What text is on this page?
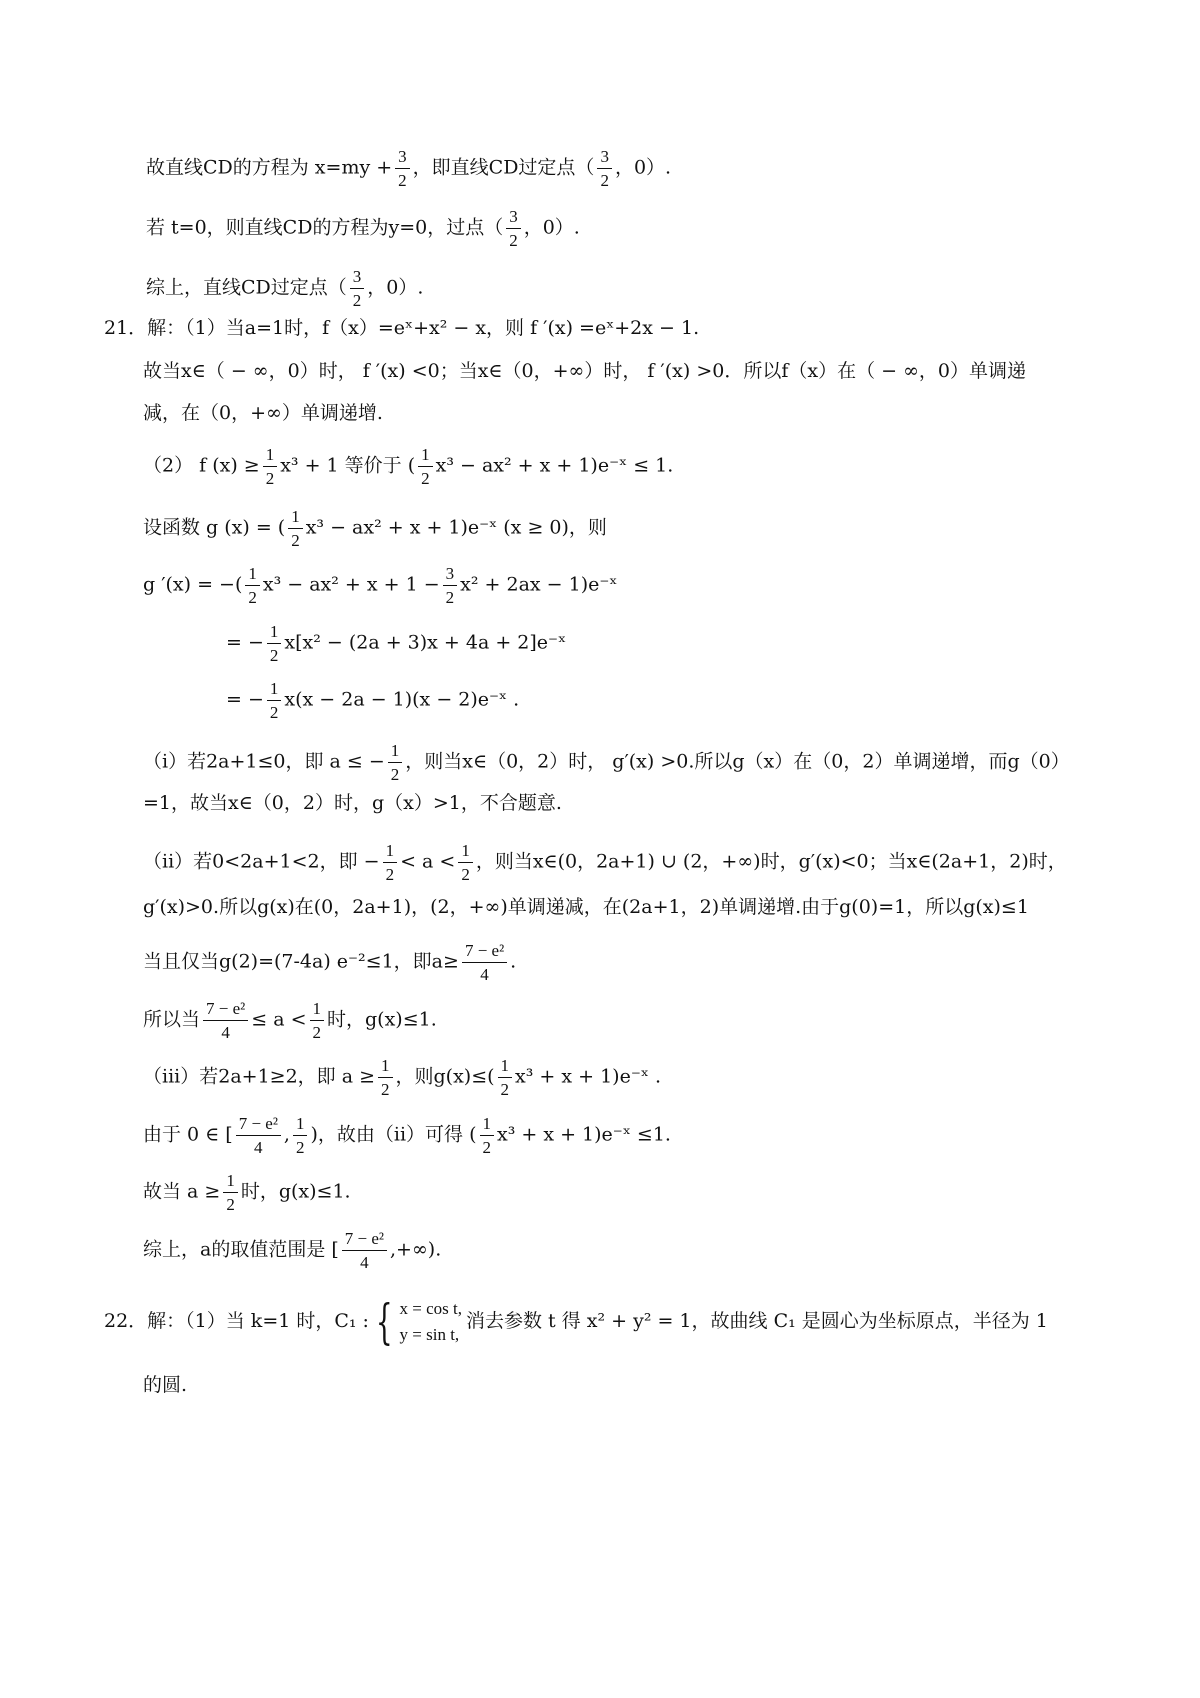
故直线CD的方程为 $x=my + \frac{3}{2}$ ，即直线CD过定点（ $\frac{3}{2}$ ，0）.
若 t=0，则直线CD的方程为y=0，过点（ $\frac{3}{2}$ ，0）.
综上，直线CD过定点（ $\frac{3}{2}$ ，0）.
21．解：（1）当a=1时，f（x）=eˣ+x² − x，则 f ′(x) =eˣ+2x − 1.
故当x∈（ − ∞，0）时， f ′(x) <0；当x∈（0，+∞）时， f ′(x) >0．所以f（x）在（ − ∞，0）单调递
减，在（0，+∞）单调递增.
（2） f $(x) \ge \frac{1}{2} x^3 + 1$ 等价于 ( $\frac{1}{2} x^3 - ax^2 + x$ + 1)e⁻ˣ ≤ 1.
设函数 g (x) = ( $\frac{1}{2} x^3 - ax^2 + x$ + 1)e⁻ˣ (x ≥ 0)，则
g ′(x) = −( $\frac{1}{2} x^3 - ax^2 + x + 1 - \frac{3}{2} x^2 + 2ax$ − 1)e⁻ˣ
= − $\frac{1}{2} x[x^2 - (2a + 3)x + 4a$ + 2]e⁻ˣ
= − $\frac{1}{2} x(x - 2a - 1)(x$ − 2)e⁻ˣ .
（i）若2a+1≤0，即 a ≤ − $\frac{1}{2}$ ，则当x∈（0，2）时， g′(x) >0.所以g（x）在（0，2）单调递增，而g（0）
=1，故当x∈（0，2）时，g（x）>1，不合题意.
（ii）若0<2a+1<2，即 − $\frac{1}{2} < a < \frac{1}{2}$ ，则当x∈(0，2a+1) ∪ (2，+∞)时，g′(x)<0；当x∈(2a+1，2)时，
g′(x)>0.所以g(x)在(0，2a+1)，(2，+∞)单调递减，在(2a+1，2)单调递增.由于g(0)=1，所以g(x)≤1
当且仅当g(2)=(7-4a) e⁻²≤1，即$a\ge \frac{\text{7 − e²}}{4}$ .
所以当 $\frac{\text{7 − e²}}{4} \le a < \frac{1}{2}$ 时，g(x)≤1.
（iii）若2a+1≥2，即 $a \ge \frac{1}{2}$ ，则$g(x)\le( \frac{1}{2} x^3 + x$ + 1)e⁻ˣ .
由于 0 ∈ [ $\frac{\text{7 − e²}}{4}$ , $\frac{1}{2}$ )，故由（ii）可得 ( $\frac{1}{2} x^3 + x$ + 1)e⁻ˣ ≤1.
故当 $a \ge \frac{1}{2}$ 时，g(x)≤1.
综上，a的取值范围是 [ $\frac{\text{7 − e²}}{4}$ ,+∞).
22．解：（1）当 k=1 时，C₁ : { x = cos t,
y = sin t,
消去参数 t 得 x² + y² = 1，故曲线 C₁ 是圆心为坐标原点，半径为 1
的圆.
